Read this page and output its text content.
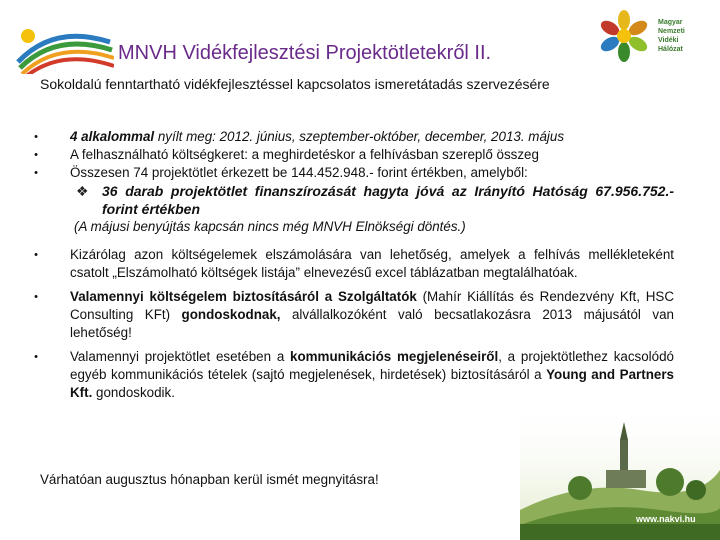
Magyar
Nemzeti
Vidéki
Hálózat
MNVH Vidékfejlesztési Projektötletekről II.
Sokoldalú fenntartható vidékfejlesztéssel kapcsolatos ismeretátadás szervezésére
•	4 alkalommal nyílt meg: 2012. június, szeptember-október, december, 2013. május
•	A felhasználható költségkeret: a meghirdetéskor a felhívásban szereplő összeg
•	Összesen 74 projektötlet érkezett be 144.452.948.- forint értékben, amelyből:
❖ 36 darab projektötlet finanszírozását hagyta jóvá az Irányító Hatóság 67.956.752.- forint értékben
(A májusi benyújtás kapcsán nincs még MNVH Elnökségi döntés.)
•	Kizárólag azon költségelemek elszámolására van lehetőség, amelyek a felhívás mellékleteként csatolt „Elszámolható költségek listája” elnevezésű excel táblázatban megtalálhatóak.
•	Valamennyi költségelem biztosításáról a Szolgáltatók (Mahír Kiállítás és Rendezvény Kft, HSC Consulting KFt) gondoskodnak, alvállalkozóként való becsatlakozásra 2013 májusától van lehetőség!
•	Valamennyi projektötlet esetében a kommunikációs megjelenéseiről, a projektötlethez kacsolódó egyéb kommunikációs tételek (sajtó megjelenések, hirdetések) biztosításáról a Young and Partners Kft. gondoskodik.
Várhatóan augusztus hónapban kerül ismét megnyitásra!
www.nakvi.hu
